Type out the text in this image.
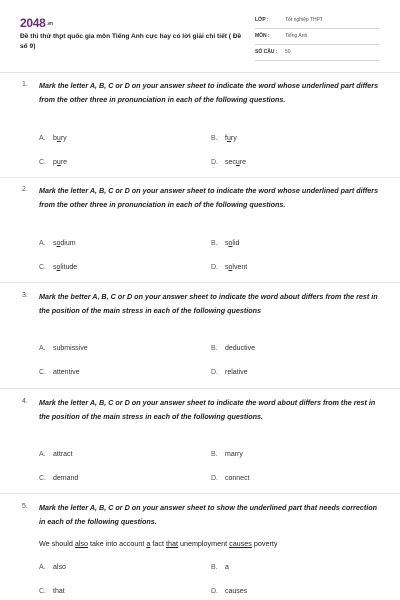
2048.vn
Đề thi thử thpt quốc gia môn Tiếng Anh cực hay có lời giải chi tiết ( Đề số 9)
LỚP :	Tốt nghiệp THPT
MÔN :	Tiếng Anh
SỐ CÂU : 50
1. Mark the letter A, B, C or D on your answer sheet to indicate the word whose underlined part differs from the other three in pronunciation in each of the following questions.
A. bury	B. fury
C. pure	D. secure
2. Mark the letter A, B, C or D on your answer sheet to indicate the word whose underlined part differs from the other three in pronunciation in each of the following questions.
A. sodium	B. solid
C. solitude	D. solvent
3. Mark the better A, B, C or D on your answer sheet to indicate the word about differs from the rest in the position of the main stress in each of the following questions
A. submissive	B. deductive
C. attentive	D. relative
4. Mark the letter A, B, C or D on your answer sheet to indicate the word about differs from the rest in the position of the main stress in each of the following questions.
A. attract	B. marry
C. demand	D. connect
5. Mark the letter A, B, C or D on your answer sheet to show the underlined part that needs correction in each of the following questions.
We should also take into account a fact that unemployment causes poverty
A. also	B. a
C. that	D. causes
